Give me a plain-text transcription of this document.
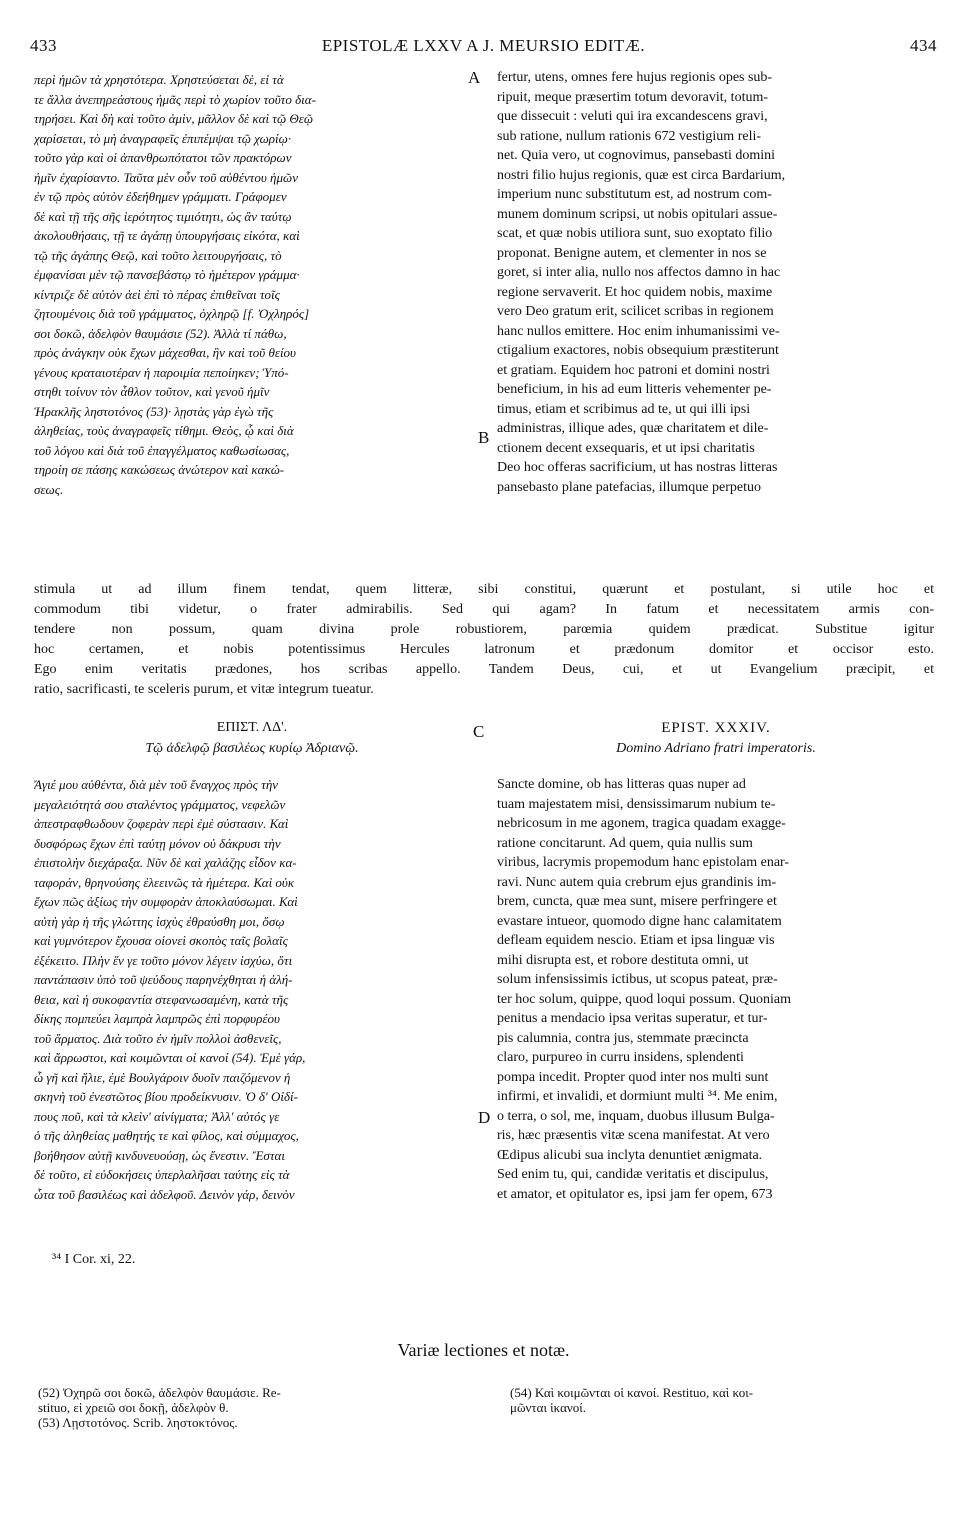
433	EPISTOLÆ LXXV A J. MEURSIO EDITÆ.	434
A
B
C
D
περὶ ἡμῶν τὰ χρηστότερα. Χρηστεύσεται δὲ, εἰ τὰ
τε ἄλλα ἀνεπηρεάστους ἡμᾶς περὶ τὸ χωρίον τοῦτο δια-
τηρήσει. Καὶ δὴ καὶ τοῦτο ἀμὶν, μᾶλλον δὲ καὶ τῷ Θεῷ
χαρίσεται, τὸ μὴ ἀναγραφεῖς ἐπιπέμψαι τῷ χωρίῳ·
τοῦτο γὰρ καὶ οἱ ἀπανθρωπότατοι τῶν πρακτόρων
ἡμῖν ἐχαρίσαντο. Ταῦτα μὲν οὖν τοῦ αὐθέντου ἡμῶν
ἐν τῷ πρὸς αὐτὸν ἐδεήθημεν γράμματι. Γράφομεν
δὲ καὶ τῇ τῆς σῆς ἱερότητος τιμιότητι, ὡς ἂν ταύτῳ
ἀκολουθήσαις, τῇ τε ἀγάπῃ ὑπουργήσαις εἰκότα, καὶ
τῷ τῆς ἀγάπης Θεῷ, καὶ τοῦτο λειτουργήσαις, τὸ
ἐμφανίσαι μὲν τῷ πανσεβάστῳ τὸ ἡμέτερον γράμμα·
κίντριζε δὲ αὐτὸν ἀεὶ ἐπὶ τὸ πέρας ἐπιθεῖναι τοῖς
ζητουμένοις διὰ τοῦ γράμματος, ὀχληρῷ [f. Ὀχληρός]
σοι δοκῶ, ἀδελφὸν θαυμάσιε (52). Ἀλλὰ τί πάθω,
πρὸς ἀνάγκην οὐκ ἔχων μάχεσθαι, ἣν καὶ τοῦ θείου
γένους κραταιοτέραν ἡ παροιμία πεποίηκεν; Ὑπό-
στηθι τοίνυν τὸν ἆθλον τοῦτον, καὶ γενοῦ ἡμῖν
Ἡρακλῆς ληστοτόνος (53)· λῃστὰς γὰρ ἐγὼ τῆς
ἀληθείας, τοὺς ἀναγραφεῖς τίθημι. Θεὸς, ᾧ καὶ διὰ
τοῦ λόγου καὶ διὰ τοῦ ἐπαγγέλματος καθωσίωσας,
τηροίη σε πάσης κακώσεως ἀνώτερον καὶ κακώ-
σεως.
fertur, utens, omnes fere hujus regionis opes sub-
ripuit, meque præsertim totum devoravit, totum-
que dissecuit : veluti qui ira excandescens gravi,
sub ratione, nullum rationis 672 vestigium reli-
net. Quia vero, ut cognovimus, pansebasti domini
nostri filio hujus regionis, quæ est circa Bardarium,
imperium nunc substitutum est, ad nostrum com-
munem dominum scripsi, ut nobis opitulari assue-
scat, et quæ nobis utiliora sunt, suo exoptato filio
proponat. Benigne autem, et clementer in nos se
goret, si inter alia, nullo nos affectos damno in hac
regione servaverit. Et hoc quidem nobis, maxime
vero Deo gratum erit, scilicet scribas in regionem
hanc nullos emittere. Hoc enim inhumanissimi ve-
ctigalium exactores, nobis obsequium præstiterunt
et gratiam. Equidem hoc patroni et domini nostri
beneficium, in his ad eum litteris vehementer pe-
timus, etiam et scribimus ad te, ut qui illi ipsi
administras, illique ades, quæ charitatem et dile-
ctionem decent exsequaris, et ut ipsi charitatis
Deo hoc offeras sacrificium, ut has nostras litteras
pansebasto plane patefacias, illumque perpetuo
stimula ut ad illum finem tendat, quem litteræ, sibi constitui, quærunt et postulant, si utile hoc et
commodum tibi videtur, o frater admirabilis. Sed qui agam? In fatum et necessitatem armis con-
tendere non possum, quam divina prole robustiorem, parœmia quidem prædicat. Substitue igitur
hoc certamen, et nobis potentissimus Hercules latronum et prædonum domitor et occisor esto.
Ego enim veritatis prædones, hos scribas appello. Tandem Deus, cui, et ut Evangelium præcipit, et
ratio, sacrificasti, te sceleris purum, et vitæ integrum tueatur.
ΕΠΙΣΤ. ΛΔ'.
Τῷ ἀδελφῷ βασιλέως κυρίῳ Ἀδριανῷ.
EPIST. XXXIV.
Domino Adriano fratri imperatoris.
Ἅγιέ μου αὐθέντα, διὰ μὲν τοῦ ἔναγχος πρὸς τὴν
μεγαλειότητά σου σταλέντος γράμματος, νεφελῶν
ἀπεστραφθωδουν ζοφερὰν περὶ ἐμὲ σύστασιν. Καὶ
δυσφόρως ἔχων ἐπὶ ταύτῃ μόνον οὐ δάκρυσι τὴν
ἐπιστολὴν διεχάραξα. Νῦν δὲ καὶ χαλάζης εἶδον κα-
ταφοράν, θρηνούσης ἐλεεινῶς τὰ ἡμέτερα. Καὶ οὐκ
ἔχων πῶς ἀξίως τὴν συμφορὰν ἀποκλαύσωμαι. Καὶ
αὐτὴ γὰρ ἡ τῆς γλώττης ἰσχὺς ἐθραύσθη μοι, ὅσῳ
καὶ γυμνότερον ἔχουσα οἱονεὶ σκοπὸς ταῖς βολαῖς
ἐξέκειτο. Πλὴν ἕν γε τοῦτο μόνον λέγειν ἰσχύω, ὅτι
παντάπασιν ὑπὸ τοῦ ψεύδους παρηνέχθηται ἡ ἀλή-
θεια, καὶ ἡ συκοφαντία στεφανωσαμένη, κατὰ τῆς
δίκης πομπεύει λαμπρὰ λαμπρῶς ἐπὶ πορφυρέου
τοῦ ἅρματος. Διὰ τοῦτο ἐν ἡμῖν πολλοὶ ἀσθενεῖς,
καὶ ἄρρωστοι, καὶ κοιμῶνται οἱ κανοί (54). Ἐμὲ γάρ,
ὦ γῆ καὶ ἥλιε, ἐμὲ Βουλγάροιν δυοῖν παιζόμενον ἡ
σκηνὴ τοῦ ἐνεστῶτος βίου προδείκνυσιν. Ὁ δ' Οἰδί-
πους ποῦ, καὶ τὰ κλεὶν' αἰνίγματα; Ἀλλ' αὐτός γε
ὁ τῆς ἀληθείας μαθητής τε καὶ φίλος, καὶ σύμμαχος,
βοήθησον αὐτῇ κινδυνευούσῃ, ὡς ἔνεστιν. Ἔσται
δὲ τοῦτο, εἰ εὐδοκήσεις ὑπερλαλῆσαι ταύτης εἰς τὰ
ὦτα τοῦ βασιλέως καὶ ἀδελφοῦ. Δεινὸν γάρ, δεινὸν
Sancte domine, ob has litteras quas nuper ad
tuam majestatem misi, densissimarum nubium te-
nebricosum in me agonem, tragica quadam exagge-
ratione concitarunt. Ad quem, quia nullis sum
viribus, lacrymis propemodum hanc epistolam enar-
ravi. Nunc autem quia crebrum ejus grandinis im-
brem, cuncta, quæ mea sunt, misere perfringere et
evastare intueor, quomodo digne hanc calamitatem
defleam equidem nescio. Etiam et ipsa linguæ vis
mihi disrupta est, et robore destituta omni, ut
solum infensissimis ictibus, ut scopus pateat, præ-
ter hoc solum, quippe, quod loqui possum. Quoniam
penitus a mendacio ipsa veritas superatur, et tur-
pis calumnia, contra jus, stemmate præcincta
claro, purpureo in curru insidens, splendenti
pompa incedit. Propter quod inter nos multi sunt
infirmi, et invalidi, et dormiunt multi ³⁴. Me enim,
o terra, o sol, me, inquam, duobus illusum Bulga-
ris, hæc præsentis vitæ scena manifestat. At vero
Œdipus alicubi sua inclyta denuntiet ænigmata.
Sed enim tu, qui, candidæ veritatis et discipulus,
et amator, et opitulator es, ipsi jam fer opem, 673
³⁴ I Cor. xi, 22.
Variæ lectiones et notæ.
(52) Ὀχηρῶ σοι δοκῶ, ἀδελφὸν θαυμάσιε. Re-
stituo, εἰ χρειῶ σοι δοκῇ, ἀδελφὸν θ.
(53) Λῃστοτόνος. Scrib. ληστοκτόνος.
(54) Καὶ κοιμῶνται οἱ κανοί. Restituo, καὶ κοι-
μῶνται ἱκανοί.
